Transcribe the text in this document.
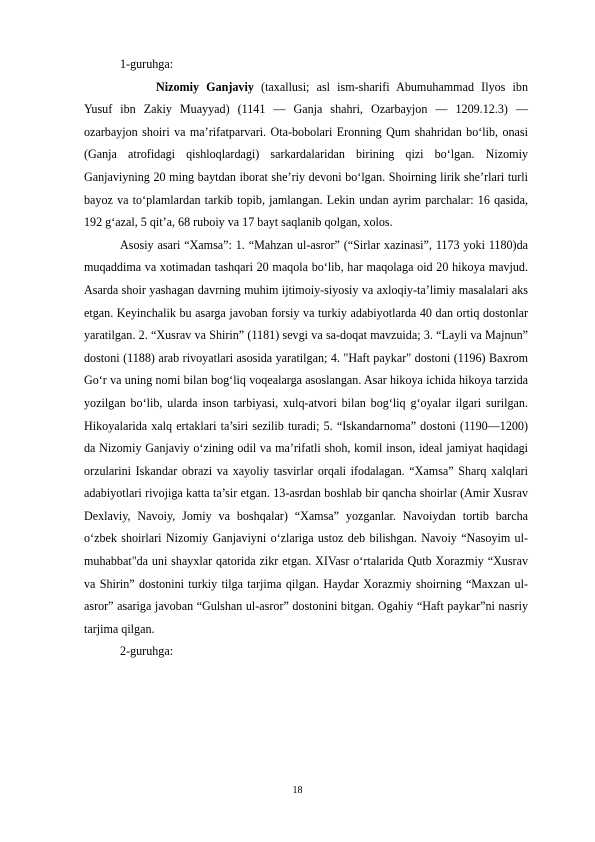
1-guruhga:

Nizomiy Ganjaviy (taxallusi; asl ism-sharifi Abumuhammad Ilyos ibn Yusuf ibn Zakiy Muayyad) (1141 — Ganja shahri, Ozarbayjon — 1209.12.3) — ozarbayjon shoiri va ma’rifatparvari. Ota-bobolari Eronning Qum shahridan bo‘lib, onasi (Ganja atrofidagi qishloqlardagi) sarkardalaridan birining qizi bo‘lgan. Nizomiy Ganjaviyning 20 ming baytdan iborat she’riy devoni bo‘lgan. Shoirning lirik she’rlari turli bayoz va to‘plamlardan tarkib topib, jamlangan. Lekin undan ayrim parchalar: 16 qasida, 192 g‘azal, 5 qit’a, 68 ruboiy va 17 bayt saqlanib qolgan, xolos.

Asosiy asari “Xamsa”: 1. “Mahzan ul-asror” (“Sirlar xazinasi”, 1173 yoki 1180)da muqaddima va xotimadan tashqari 20 maqola bo‘lib, har maqolaga oid 20 hikoya mavjud. Asarda shoir yashagan davrning muhim ijtimoiy-siyosiy va axloqiy-ta’limiy masalalari aks etgan. Keyinchalik bu asarga javoban forsiy va turkiy adabiyotlarda 40 dan ortiq dostonlar yaratilgan. 2. “Xusrav va Shirin” (1181) sevgi va sa-doqat mavzuida; 3. “Layli va Majnun” dostoni (1188) arab rivoyatlari asosida yaratilgan; 4. "Haft paykar" dostoni (1196) Baxrom Go‘r va uning nomi bilan bog‘liq voqealarga asoslangan. Asar hikoya ichida hikoya tarzida yozilgan bo‘lib, ularda inson tarbiyasi, xulq-atvori bilan bog‘liq g‘oyalar ilgari surilgan. Hikoyalarida xalq ertaklari ta’siri sezilib turadi; 5. “Iskandarnoma” dostoni (1190—1200) da Nizomiy Ganjaviy o‘zining odil va ma’rifatli shoh, komil inson, ideal jamiyat haqidagi orzularini Iskandar obrazi va xayoliy tasvirlar orqali ifodalagan. “Xamsa” Sharq xalqlari adabiyotlari rivojiga katta ta’sir etgan. 13-asrdan boshlab bir qancha shoirlar (Amir Xusrav Dexlaviy, Navoiy, Jomiy va boshqalar) “Xamsa” yozganlar. Navoiydan tortib barcha o‘zbek shoirlari Nizomiy Ganjaviyni o‘zlariga ustoz deb bilishgan. Navoiy “Nasoyim ul-muhabbat"da uni shayxlar qatorida zikr etgan. XIVasr o‘rtalarida Qutb Xorazmiy “Xusrav va Shirin” dostonini turkiy tilga tarjima qilgan. Haydar Xorazmiy shoirning “Maxzan ul-asror” asariga javoban “Gulshan ul-asror” dostonini bitgan. Ogahiy “Haft paykar”ni nasriy tarjima qilgan.

2-guruhga:

18
